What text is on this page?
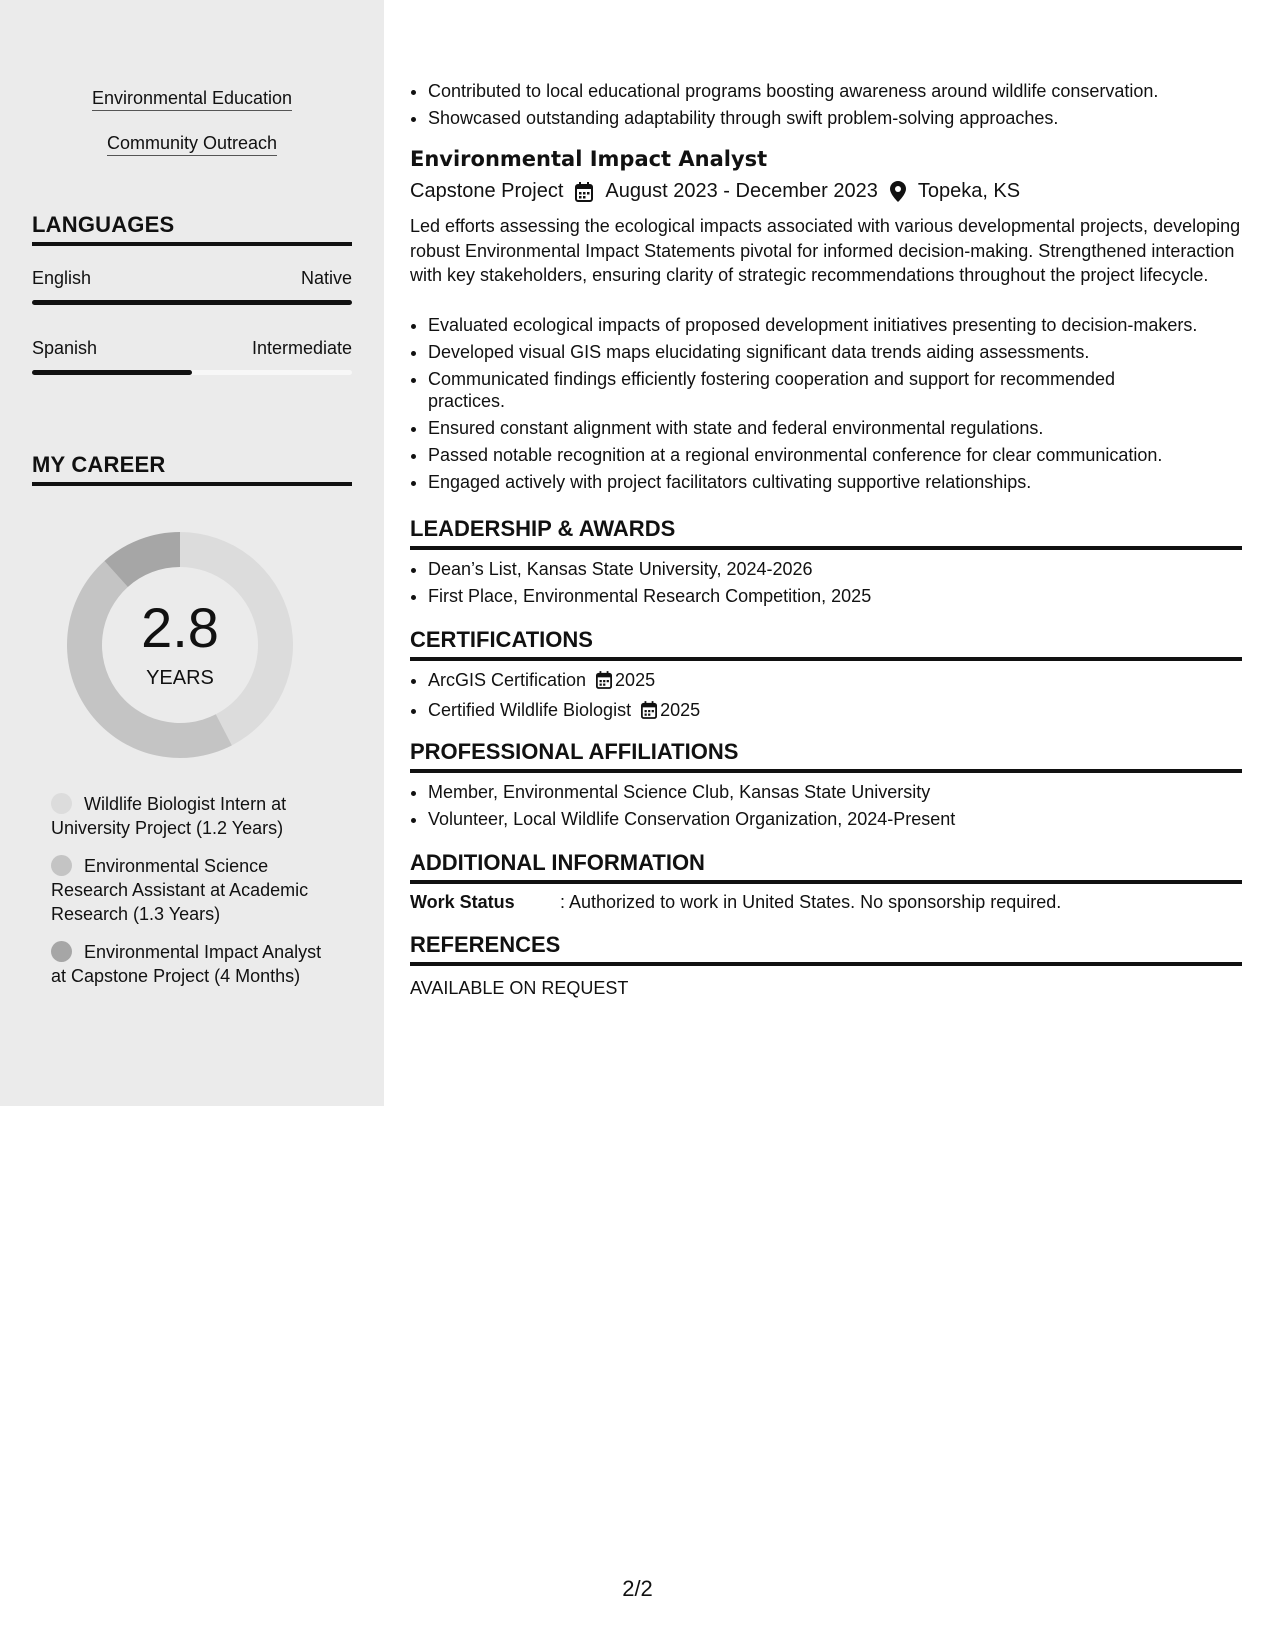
Environmental Education
Community Outreach
LANGUAGES
English	Native
Spanish	Intermediate
MY CAREER
2.8
YEARS
Wildlife Biologist Intern at University Project (1.2 Years)
Environmental Science Research Assistant at Academic Research (1.3 Years)
Environmental Impact Analyst at Capstone Project (4 Months)
• Contributed to local educational programs boosting awareness around wildlife conservation.
• Showcased outstanding adaptability through swift problem-solving approaches.
Environmental Impact Analyst
Capstone Project August 2023 - December 2023 Topeka, KS
Led efforts assessing the ecological impacts associated with various developmental projects, developing robust Environmental Impact Statements pivotal for informed decision-making. Strengthened interaction with key stakeholders, ensuring clarity of strategic recommendations throughout the project lifecycle.
• Evaluated ecological impacts of proposed development initiatives presenting to decision-makers.
• Developed visual GIS maps elucidating significant data trends aiding assessments.
• Communicated findings efficiently fostering cooperation and support for recommended practices.
• Ensured constant alignment with state and federal environmental regulations.
• Passed notable recognition at a regional environmental conference for clear communication.
• Engaged actively with project facilitators cultivating supportive relationships.
LEADERSHIP & AWARDS
• Dean’s List, Kansas State University, 2024-2026
• First Place, Environmental Research Competition, 2025
CERTIFICATIONS
• ArcGIS Certification 2025
• Certified Wildlife Biologist 2025
PROFESSIONAL AFFILIATIONS
• Member, Environmental Science Club, Kansas State University
• Volunteer, Local Wildlife Conservation Organization, 2024-Present
ADDITIONAL INFORMATION
Work Status	: Authorized to work in United States. No sponsorship required.
REFERENCES
AVAILABLE ON REQUEST
2/2
